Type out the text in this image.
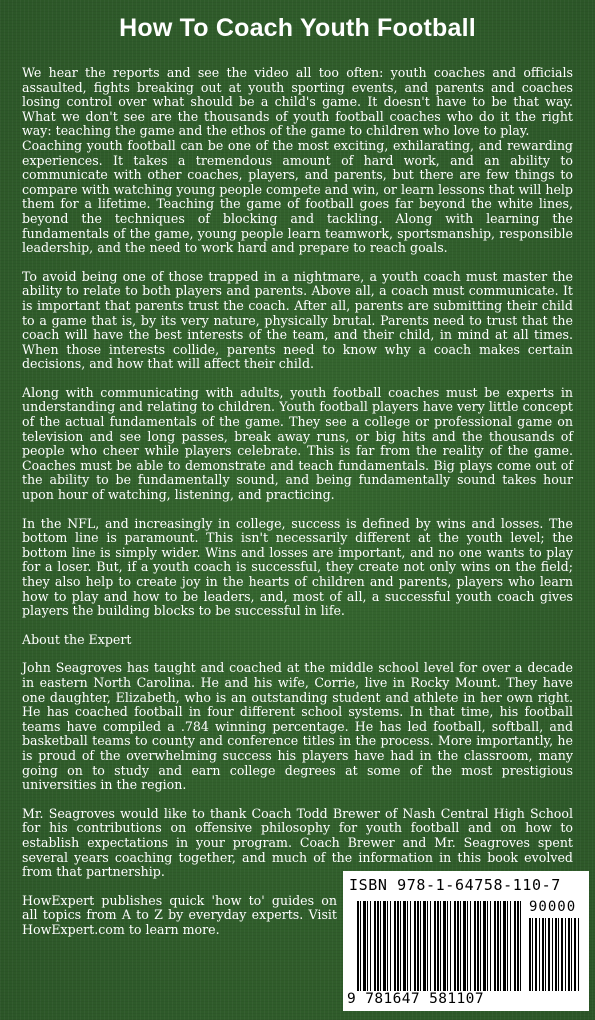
How To Coach Youth Football

We hear the reports and see the video all too often: youth coaches and officials assaulted, fights breaking out at youth sporting events, and parents and coaches losing control over what should be a child's game. It doesn't have to be that way. What we don't see are the thousands of youth football coaches who do it the right way: teaching the game and the ethos of the game to children who love to play.

Coaching youth football can be one of the most exciting, exhilarating, and rewarding experiences. It takes a tremendous amount of hard work, and an ability to communicate with other coaches, players, and parents, but there are few things to compare with watching young people compete and win, or learn lessons that will help them for a lifetime. Teaching the game of football goes far beyond the white lines, beyond the techniques of blocking and tackling. Along with learning the fundamentals of the game, young people learn teamwork, sportsmanship, responsible leadership, and the need to work hard and prepare to reach goals.

To avoid being one of those trapped in a nightmare, a youth coach must master the ability to relate to both players and parents. Above all, a coach must communicate. It is important that parents trust the coach. After all, parents are submitting their child to a game that is, by its very nature, physically brutal. Parents need to trust that the coach will have the best interests of the team, and their child, in mind at all times. When those interests collide, parents need to know why a coach makes certain decisions, and how that will affect their child.

Along with communicating with adults, youth football coaches must be experts in understanding and relating to children. Youth football players have very little concept of the actual fundamentals of the game. They see a college or professional game on television and see long passes, break away runs, or big hits and the thousands of people who cheer while players celebrate. This is far from the reality of the game. Coaches must be able to demonstrate and teach fundamentals. Big plays come out of the ability to be fundamentally sound, and being fundamentally sound takes hour upon hour of watching, listening, and practicing.

In the NFL, and increasingly in college, success is defined by wins and losses. The bottom line is paramount. This isn't necessarily different at the youth level; the bottom line is simply wider. Wins and losses are important, and no one wants to play for a loser. But, if a youth coach is successful, they create not only wins on the field; they also help to create joy in the hearts of children and parents, players who learn how to play and how to be leaders, and, most of all, a successful youth coach gives players the building blocks to be successful in life.

About the Expert

John Seagroves has taught and coached at the middle school level for over a decade in eastern North Carolina. He and his wife, Corrie, live in Rocky Mount. They have one daughter, Elizabeth, who is an outstanding student and athlete in her own right. He has coached football in four different school systems. In that time, his football teams have compiled a .784 winning percentage. He has led football, softball, and basketball teams to county and conference titles in the process. More importantly, he is proud of the overwhelming success his players have had in the classroom, many going on to study and earn college degrees at some of the most prestigious universities in the region.

Mr. Seagroves would like to thank Coach Todd Brewer of Nash Central High School for his contributions on offensive philosophy for youth football and on how to establish expectations in your program. Coach Brewer and Mr. Seagroves spent several years coaching together, and much of the information in this book evolved from that partnership.

HowExpert publishes quick 'how to' guides on all topics from A to Z by everyday experts. Visit HowExpert.com to learn more.

ISBN 978-1-64758-110-7
90000
9 781647 581107
